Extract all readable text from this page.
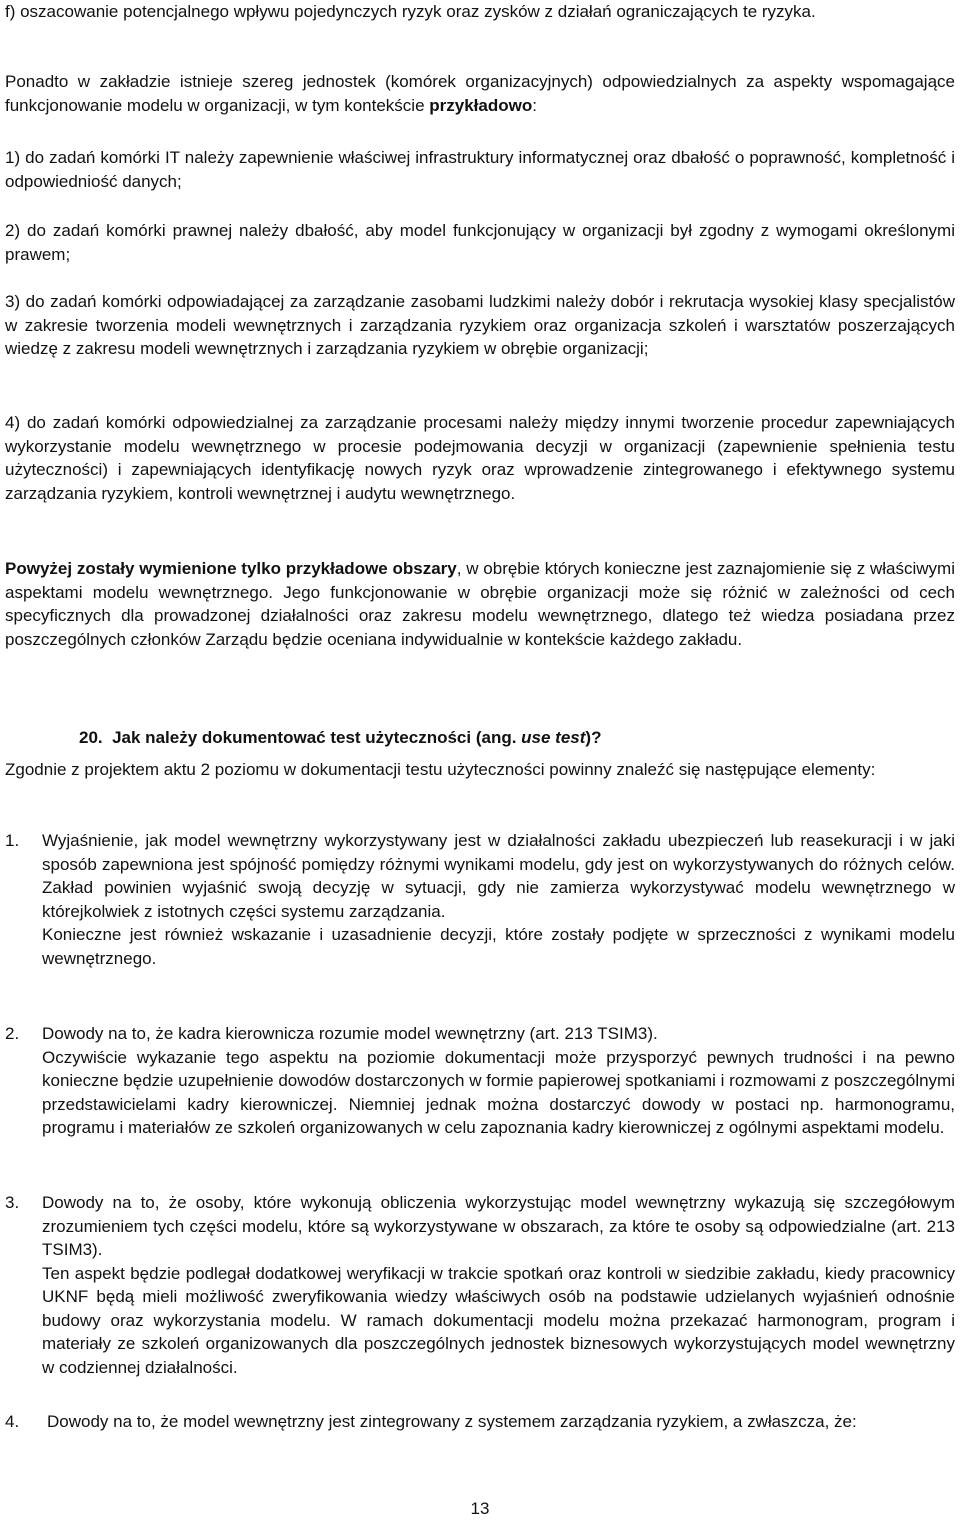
f) oszacowanie potencjalnego wpływu pojedynczych ryzyk oraz zysków z działań ograniczających te ryzyka.

Ponadto w zakładzie istnieje szereg jednostek (komórek organizacyjnych) odpowiedzialnych za aspekty wspomagające funkcjonowanie modelu w organizacji, w tym kontekście przykładowo:

1) do zadań komórki IT należy zapewnienie właściwej infrastruktury informatycznej oraz dbałość o poprawność, kompletność i odpowiedniość danych;

2) do zadań komórki prawnej należy dbałość, aby model funkcjonujący w organizacji był zgodny z wymogami określonymi prawem;

3) do zadań komórki odpowiadającej za zarządzanie zasobami ludzkimi należy dobór i rekrutacja wysokiej klasy specjalistów w zakresie tworzenia modeli wewnętrznych i zarządzania ryzykiem oraz organizacja szkoleń i warsztatów poszerzających wiedzę z zakresu modeli wewnętrznych i zarządzania ryzykiem w obrębie organizacji;

4) do zadań komórki odpowiedzialnej za zarządzanie procesami należy między innymi tworzenie procedur zapewniających wykorzystanie modelu wewnętrznego w procesie podejmowania decyzji w organizacji (zapewnienie spełnienia testu użyteczności) i zapewniających identyfikację nowych ryzyk oraz wprowadzenie zintegrowanego i efektywnego systemu zarządzania ryzykiem, kontroli wewnętrznej i audytu wewnętrznego.

Powyżej zostały wymienione tylko przykładowe obszary, w obrębie których konieczne jest zaznajomienie się z właściwymi aspektami modelu wewnętrznego. Jego funkcjonowanie w obrębie organizacji może się różnić w zależności od cech specyficznych dla prowadzonej działalności oraz zakresu modelu wewnętrznego, dlatego też wiedza posiadana przez poszczególnych członków Zarządu będzie oceniana indywidualnie w kontekście każdego zakładu.

20. Jak należy dokumentować test użyteczności (ang. use test)?

Zgodnie z projektem aktu 2 poziomu w dokumentacji testu użyteczności powinny znaleźć się następujące elementy:

1. Wyjaśnienie, jak model wewnętrzny wykorzystywany jest w działalności zakładu ubezpieczeń lub reasekuracji i w jaki sposób zapewniona jest spójność pomiędzy różnymi wynikami modelu, gdy jest on wykorzystywanych do różnych celów. Zakład powinien wyjaśnić swoją decyzję w sytuacji, gdy nie zamierza wykorzystywać modelu wewnętrznego w którejkolwiek z istotnych części systemu zarządzania.

Konieczne jest również wskazanie i uzasadnienie decyzji, które zostały podjęte w sprzeczności z wynikami modelu wewnętrznego.

2. Dowody na to, że kadra kierownicza rozumie model wewnętrzny (art. 213 TSIM3).

Oczywiście wykazanie tego aspektu na poziomie dokumentacji może przysporzyć pewnych trudności i na pewno konieczne będzie uzupełnienie dowodów dostarczonych w formie papierowej spotkaniami i rozmowami z poszczególnymi przedstawicielami kadry kierowniczej. Niemniej jednak można dostarczyć dowody w postaci np. harmonogramu, programu i materiałów ze szkoleń organizowanych w celu zapoznania kadry kierowniczej z ogólnymi aspektami modelu.

3. Dowody na to, że osoby, które wykonują obliczenia wykorzystując model wewnętrzny wykazują się szczegółowym zrozumieniem tych części modelu, które są wykorzystywane w obszarach, za które te osoby są odpowiedzialne (art. 213 TSIM3).

Ten aspekt będzie podlegał dodatkowej weryfikacji w trakcie spotkań oraz kontroli w siedzibie zakładu, kiedy pracownicy UKNF będą mieli możliwość zweryfikowania wiedzy właściwych osób na podstawie udzielanych wyjaśnień odnośnie budowy oraz wykorzystania modelu. W ramach dokumentacji modelu można przekazać harmonogram, program i materiały ze szkoleń organizowanych dla poszczególnych jednostek biznesowych wykorzystujących model wewnętrzny w codziennej działalności.

4. Dowody na to, że model wewnętrzny jest zintegrowany z systemem zarządzania ryzykiem, a zwłaszcza, że:

13
